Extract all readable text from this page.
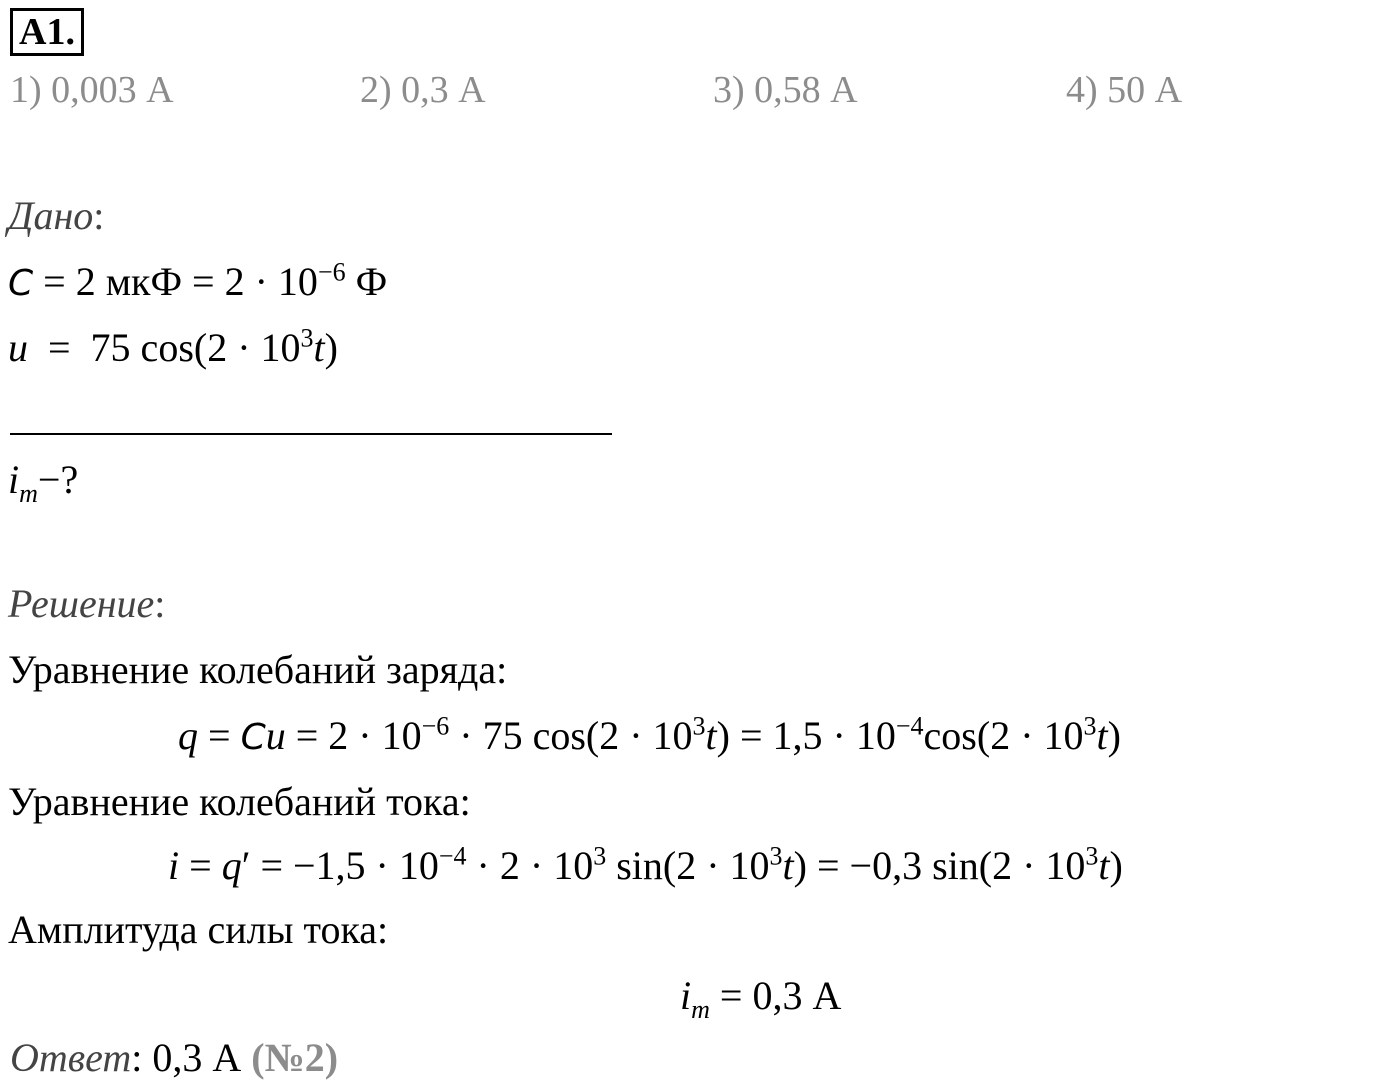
A1.
1) 0,003 А	2) 0,3 А	3) 0,58 А	4) 50 А
Дано:
C = 2 мкФ = $2 \cdot 10^{-6}$ Ф
u  =  75 $\cos(2 \cdot 10^3t)$
$i_m-$?
Решение:
Уравнение колебаний заряда:
$q = Cu = 2 \cdot 10^{-6} \cdot 75$ $\cos(2 \cdot 10^3t) = 1,5 \cdot 10^{-4}\cos(2 \cdot 10^3t)$
Уравнение колебаний тока:
$i = q' = -1,5 \cdot 10^{-4} \cdot 2 \cdot 10^3$ $\sin(2 \cdot 10^3t) = -0,3$ $\sin(2 \cdot 10^3t)$
Амплитуда силы тока:
$i_m = 0,3$ А
Ответ: 0,3 А (№2)
